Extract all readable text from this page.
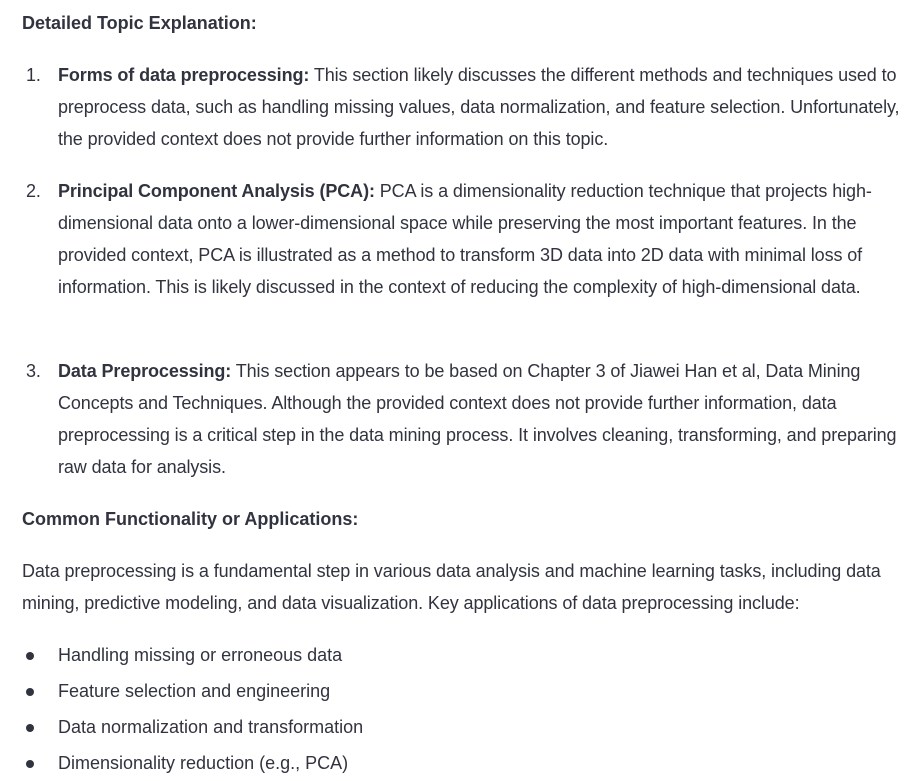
Detailed Topic Explanation:
1. Forms of data preprocessing: This section likely discusses the different methods and techniques used to preprocess data, such as handling missing values, data normalization, and feature selection. Unfortunately, the provided context does not provide further information on this topic.
2. Principal Component Analysis (PCA): PCA is a dimensionality reduction technique that projects high-dimensional data onto a lower-dimensional space while preserving the most important features. In the provided context, PCA is illustrated as a method to transform 3D data into 2D data with minimal loss of information. This is likely discussed in the context of reducing the complexity of high-dimensional data.
3. Data Preprocessing: This section appears to be based on Chapter 3 of Jiawei Han et al, Data Mining Concepts and Techniques. Although the provided context does not provide further information, data preprocessing is a critical step in the data mining process. It involves cleaning, transforming, and preparing raw data for analysis.
Common Functionality or Applications:
Data preprocessing is a fundamental step in various data analysis and machine learning tasks, including data mining, predictive modeling, and data visualization. Key applications of data preprocessing include:
Handling missing or erroneous data
Feature selection and engineering
Data normalization and transformation
Dimensionality reduction (e.g., PCA)
